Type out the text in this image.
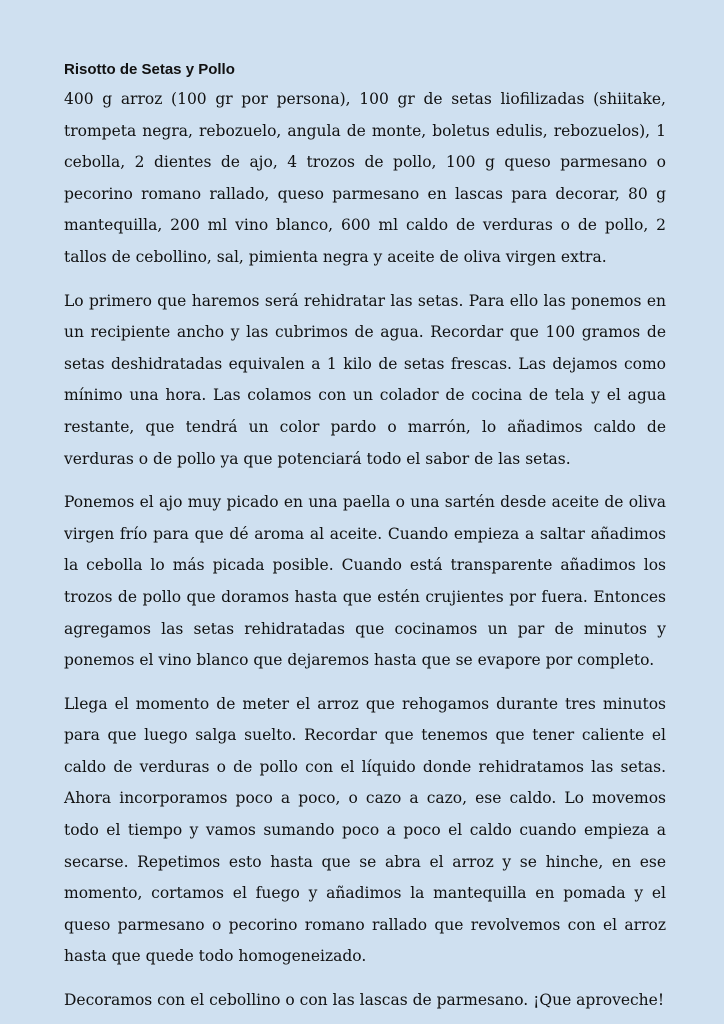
Risotto de Setas y Pollo

400 g arroz (100 gr por persona), 100 gr de setas liofilizadas (shiitake, trompeta negra, rebozuelo, angula de monte, boletus edulis, rebozuelos), 1 cebolla, 2 dientes de ajo, 4 trozos de pollo, 100 g queso parmesano o pecorino romano rallado, queso parmesano en lascas para decorar, 80 g mantequilla, 200 ml vino blanco, 600 ml caldo de verduras o de pollo, 2 tallos de cebollino, sal, pimienta negra y aceite de oliva virgen extra.

Lo primero que haremos será rehidratar las setas. Para ello las ponemos en un recipiente ancho y las cubrimos de agua. Recordar que 100 gramos de setas deshidratadas equivalen a 1 kilo de setas frescas. Las dejamos como mínimo una hora. Las colamos con un colador de cocina de tela y el agua restante, que tendrá un color pardo o marrón, lo añadimos caldo de verduras o de pollo ya que potenciará todo el sabor de las setas.

Ponemos el ajo muy picado en una paella o una sartén desde aceite de oliva virgen frío para que dé aroma al aceite. Cuando empieza a saltar añadimos la cebolla lo más picada posible. Cuando está transparente añadimos los trozos de pollo que doramos hasta que estén crujientes por fuera. Entonces agregamos las setas rehidratadas que cocinamos un par de minutos y ponemos el vino blanco que dejaremos hasta que se evapore por completo.

Llega el momento de meter el arroz que rehogamos durante tres minutos para que luego salga suelto. Recordar que tenemos que tener caliente el caldo de verduras o de pollo con el líquido donde rehidratamos las setas. Ahora incorporamos poco a poco, o cazo a cazo, ese caldo. Lo movemos todo el tiempo y vamos sumando poco a poco el caldo cuando empieza a secarse. Repetimos esto hasta que se abra el arroz y se hinche, en ese momento, cortamos el fuego y añadimos la mantequilla en pomada y el queso parmesano o pecorino romano rallado que revolvemos con el arroz hasta que quede todo homogeneizado.

Decoramos con el cebollino o con las lascas de parmesano. ¡Que aproveche!
